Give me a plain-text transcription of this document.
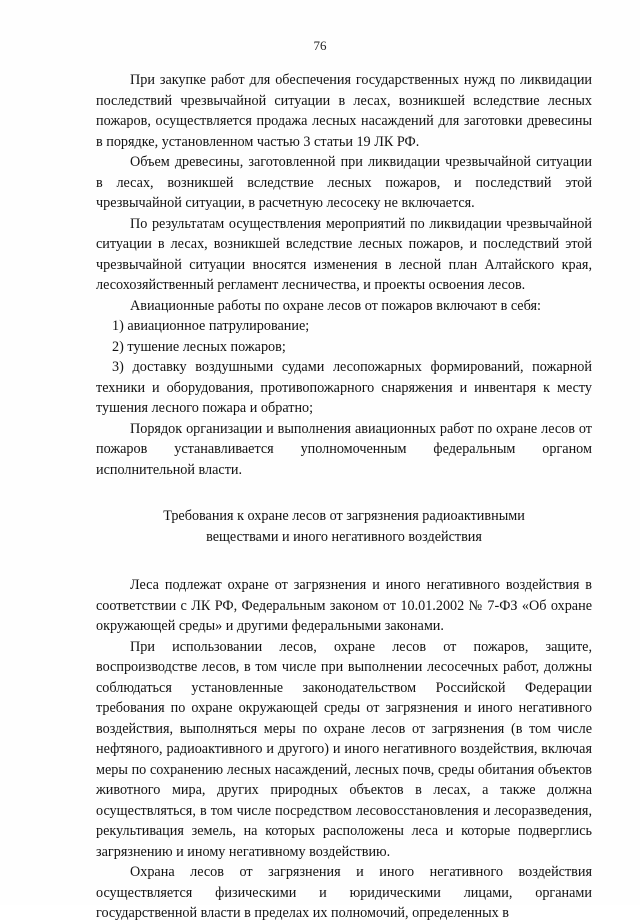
76

При закупке работ для обеспечения государственных нужд по ликвидации последствий чрезвычайной ситуации в лесах, возникшей вследствие лесных пожаров, осуществляется продажа лесных насаждений для заготовки древесины в порядке, установленном частью 3 статьи 19 ЛК РФ.

Объем древесины, заготовленной при ликвидации чрезвычайной ситуации в лесах, возникшей вследствие лесных пожаров, и последствий этой чрезвычайной ситуации, в расчетную лесосеку не включается.

По результатам осуществления мероприятий по ликвидации чрезвычайной ситуации в лесах, возникшей вследствие лесных пожаров, и последствий этой чрезвычайной ситуации вносятся изменения в лесной план Алтайского края, лесохозяйственный регламент лесничества, и проекты освоения лесов.

Авиационные работы по охране лесов от пожаров включают в себя:

1) авиационное патрулирование;

2) тушение лесных пожаров;

3) доставку воздушными судами лесопожарных формирований, пожарной техники и оборудования, противопожарного снаряжения и инвентаря к месту тушения лесного пожара и обратно;

Порядок организации и выполнения авиационных работ по охране лесов от пожаров устанавливается уполномоченным федеральным органом исполнительной власти.

Требования к охране лесов от загрязнения радиоактивными
веществами и иного негативного воздействия

Леса подлежат охране от загрязнения и иного негативного воздействия в соответствии с ЛК РФ, Федеральным законом от 10.01.2002 № 7-ФЗ «Об охране окружающей среды» и другими федеральными законами.

При использовании лесов, охране лесов от пожаров, защите, воспроизводстве лесов, в том числе при выполнении лесосечных работ, должны соблюдаться установленные законодательством Российской Федерации требования по охране окружающей среды от загрязнения и иного негативного воздействия, выполняться меры по охране лесов от загрязнения (в том числе нефтяного, радиоактивного и другого) и иного негативного воздействия, включая меры по сохранению лесных насаждений, лесных почв, среды обитания объектов животного мира, других природных объектов в лесах, а также должна осуществляться, в том числе посредством лесовосстановления и лесоразведения, рекультивация земель, на которых расположены леса и которые подверглись загрязнению и иному негативному воздействию.

Охрана лесов от загрязнения и иного негативного воздействия осуществляется физическими и юридическими лицами, органами государственной власти в пределах их полномочий, определенных в
